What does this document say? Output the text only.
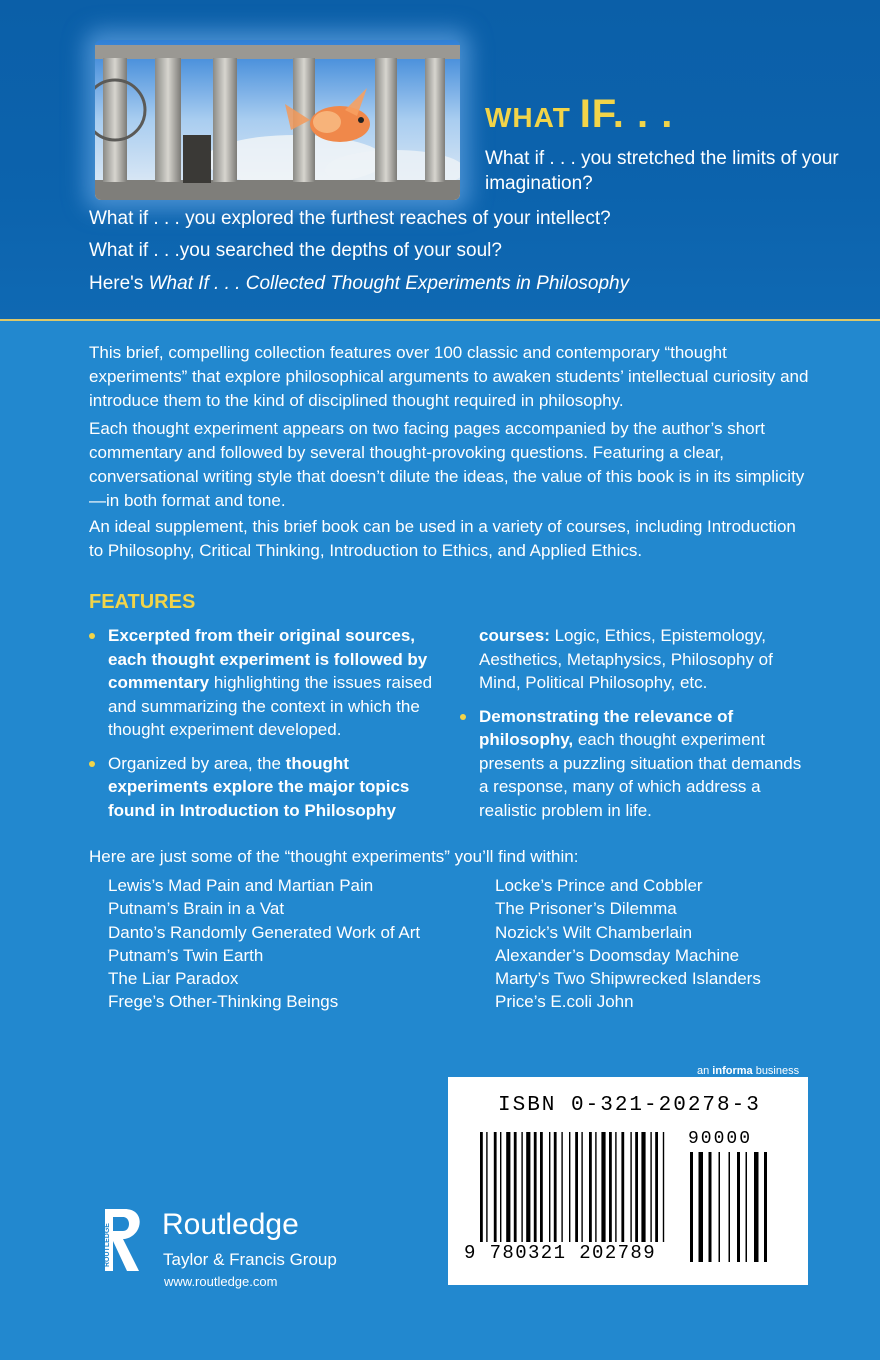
WHAT IF. . .
What if . . . you stretched the limits of your imagination?
What if . . . you explored the furthest reaches of your intellect?
What if . . .you searched the depths of your soul?
Here's What If . . . Collected Thought Experiments in Philosophy
This brief, compelling collection features over 100 classic and contemporary “thought experiments” that explore philosophical arguments to awaken students’ intellectual curiosity and introduce them to the kind of disciplined thought required in philosophy.
Each thought experiment appears on two facing pages accompanied by the author’s short commentary and followed by several thought-provoking questions. Featuring a clear, conversational writing style that doesn’t dilute the ideas, the value of this book is in its simplicity—in both format and tone.
An ideal supplement, this brief book can be used in a variety of courses, including Introduction to Philosophy, Critical Thinking, Introduction to Ethics, and Applied Ethics.
FEATURES
Excerpted from their original sources, each thought experiment is followed by commentary highlighting the issues raised and summarizing the context in which the thought experiment developed.
Organized by area, the thought experiments explore the major topics found in Introduction to Philosophy
courses: Logic, Ethics, Epistemology, Aesthetics, Metaphysics, Philosophy of Mind, Political Philosophy, etc.
Demonstrating the relevance of philosophy, each thought experiment presents a puzzling situation that demands a response, many of which address a realistic problem in life.
Here are just some of the “thought experiments” you’ll find within:
Lewis’s Mad Pain and Martian Pain
Putnam’s Brain in a Vat
Danto’s Randomly Generated Work of Art
Putnam’s Twin Earth
The Liar Paradox
Frege’s Other-Thinking Beings
Locke’s Prince and Cobbler
The Prisoner’s Dilemma
Nozick’s Wilt Chamberlain
Alexander’s Doomsday Machine
Marty’s Two Shipwrecked Islanders
Price’s E.coli John
an informa business
ISBN 0-321-20278-3
90000
9 780321 202789
ROUTLEDGE Routledge
Taylor & Francis Group
www.routledge.com
